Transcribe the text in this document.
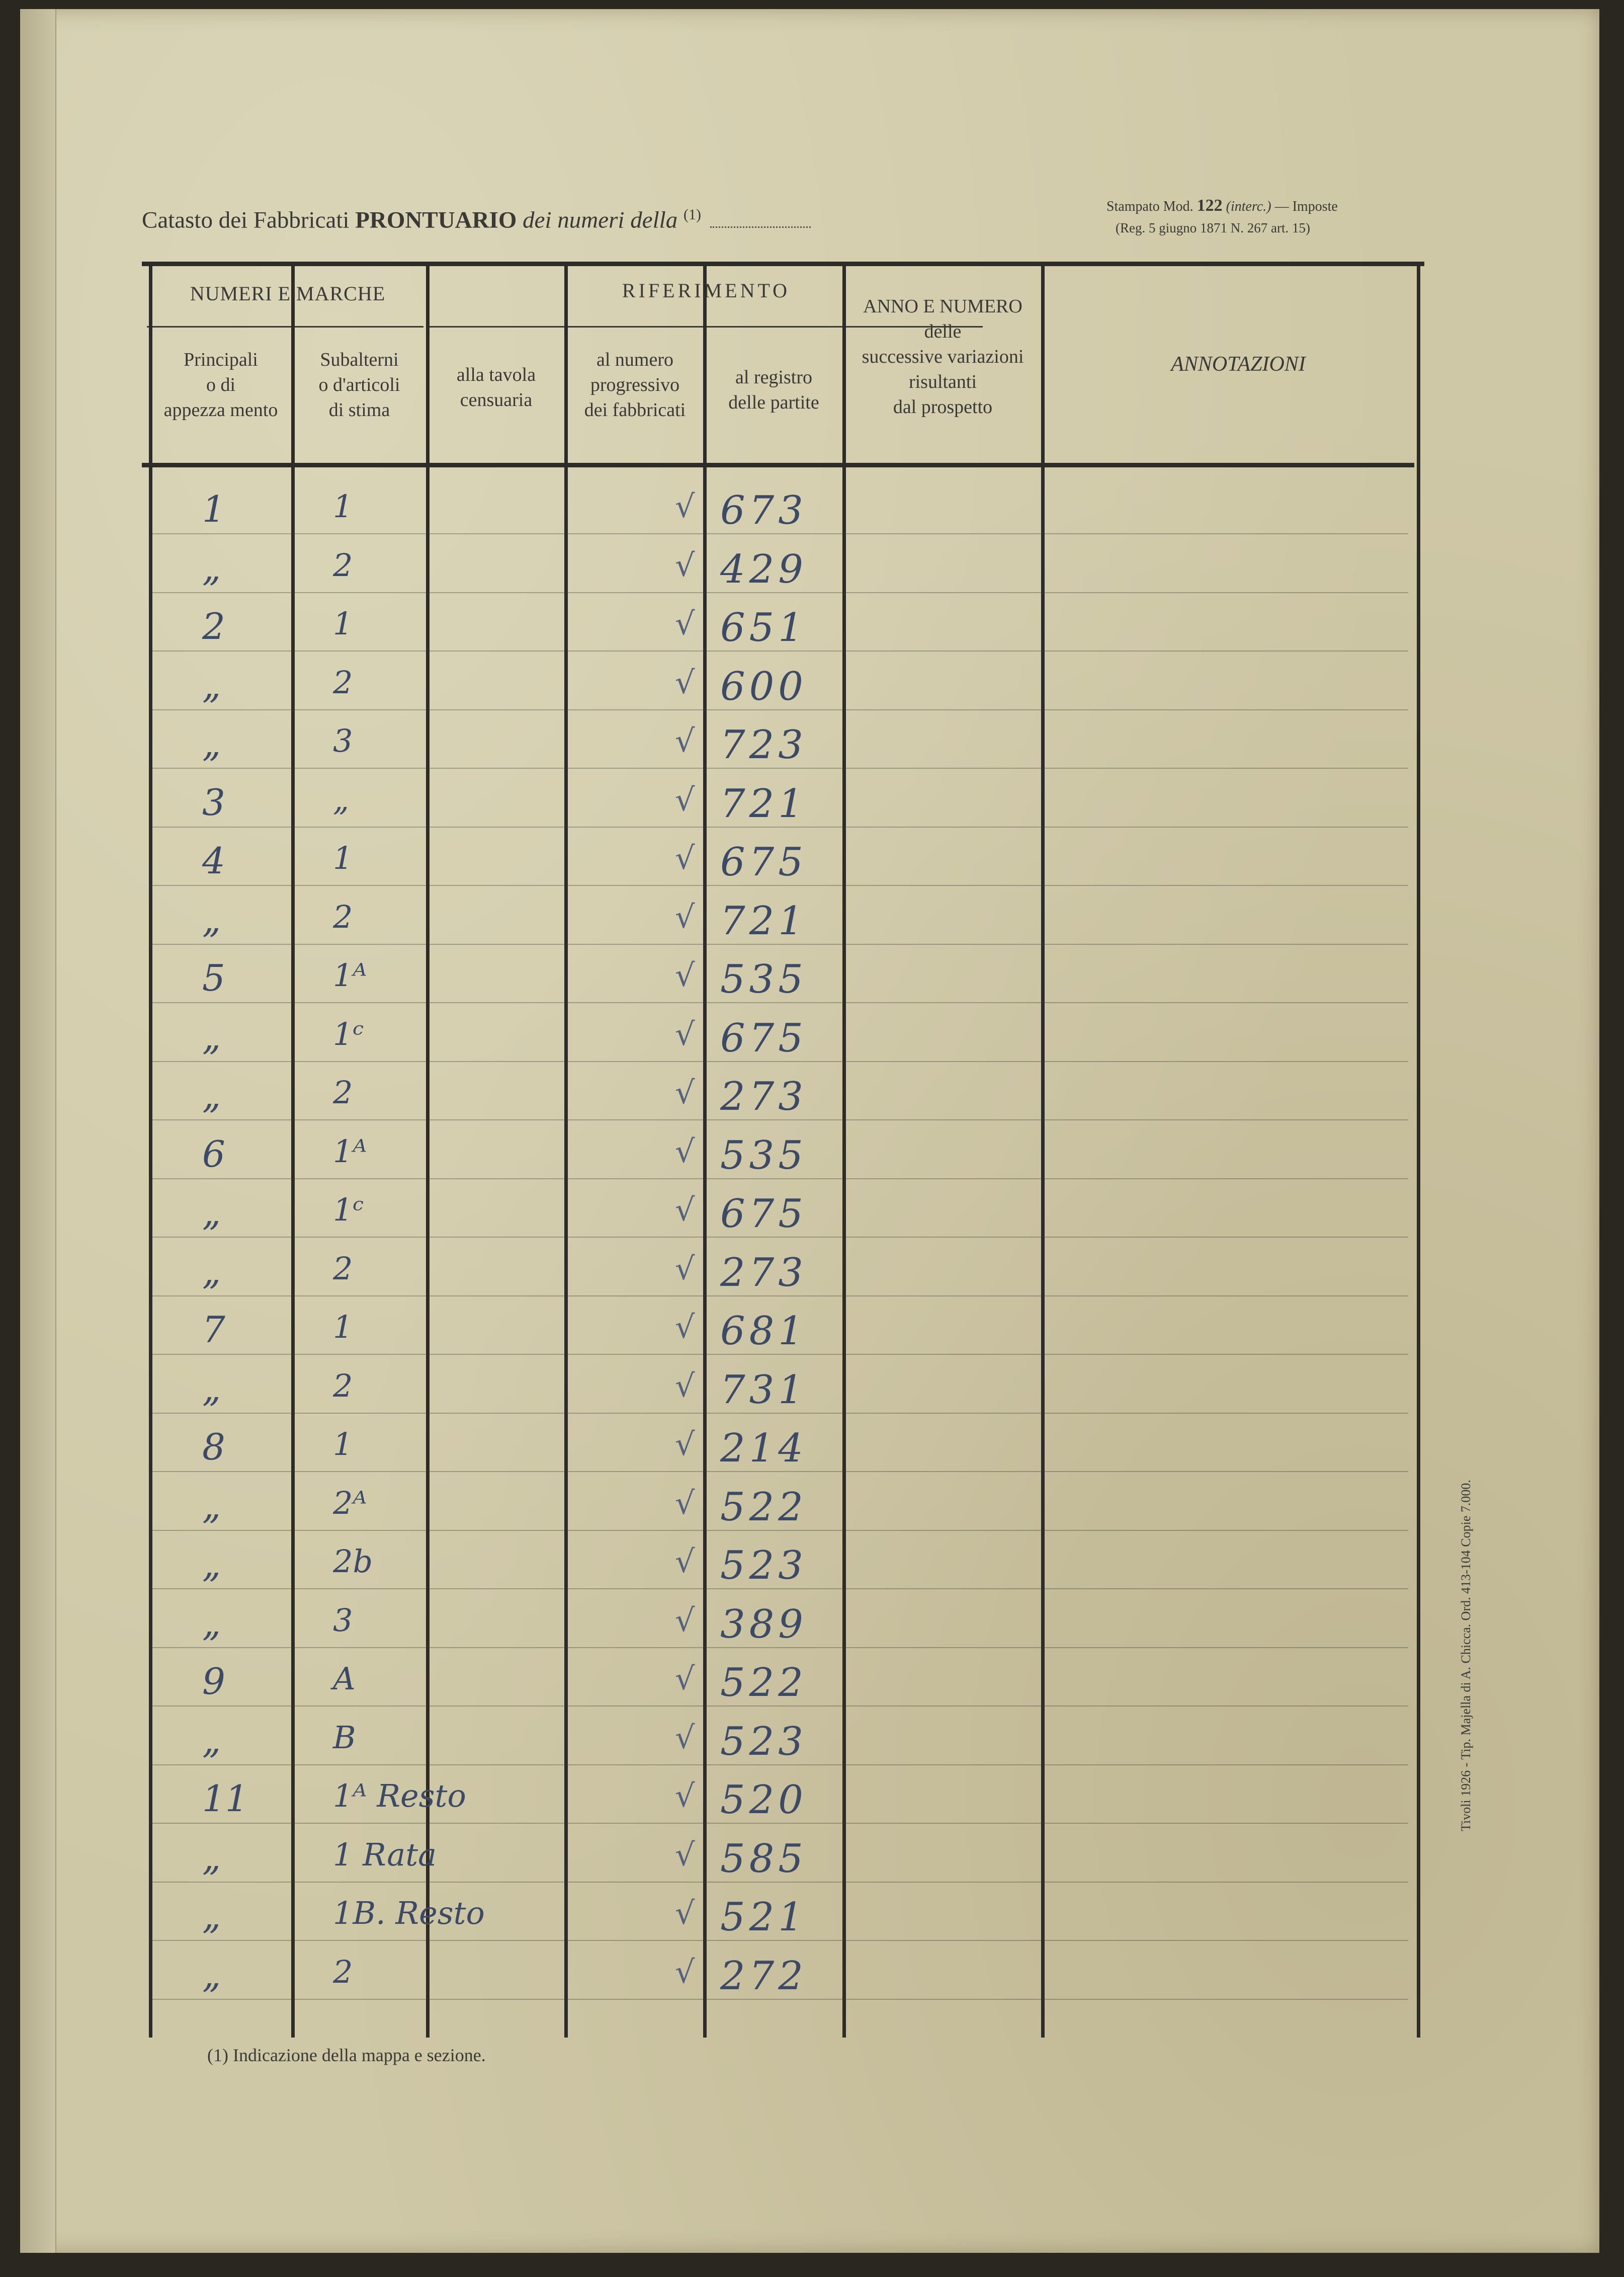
Catasto dei Fabbricati PRONTUARIO dei numeri della $^{(1)}$	Stampato Mod. 122 (interc.) — Imposte
(Reg. 5 giugno 1871 N. 267 art. 15)
NUMERI E MARCHE	RIFERIMENTO
Principali
o di
appezza mento
Subalterni
o d'articoli
di stima
alla tavola
censuaria
al numero
progressivo
dei fabbricati
al registro
delle partite
ANNO E NUMERO
delle
successive variazioni
risultanti
dal prospetto
ANNOTAZIONI
1	1	√ 673
„	2	√ 429
2	1	√ 651
„	2	√ 600
„	3	√ 723
3	„	√ 721
4	1	√ 675
„	2	√ 721
5	1ᴬ	√ 535
„	1ᶜ	√ 675
„	2	√ 273
6	1ᴬ	√ 535
„	1ᶜ	√ 675
„	2	√ 273
7	1	√ 681
„	2	√ 731
8	1	√ 214
„	2ᴬ	√ 522
„	2b	√ 523
„	3	√ 389
9	A	√ 522
„	B	√ 523
11	1ᴬ Resto	√ 520
„	1 Rata	√ 585
„	1B. Resto	√ 521
„	2	√ 272
(1) Indicazione della mappa e sezione.
Tivoli 1926 - Tip. Majella di A. Chicca. Ord. 413-104 Copie 7.000.
